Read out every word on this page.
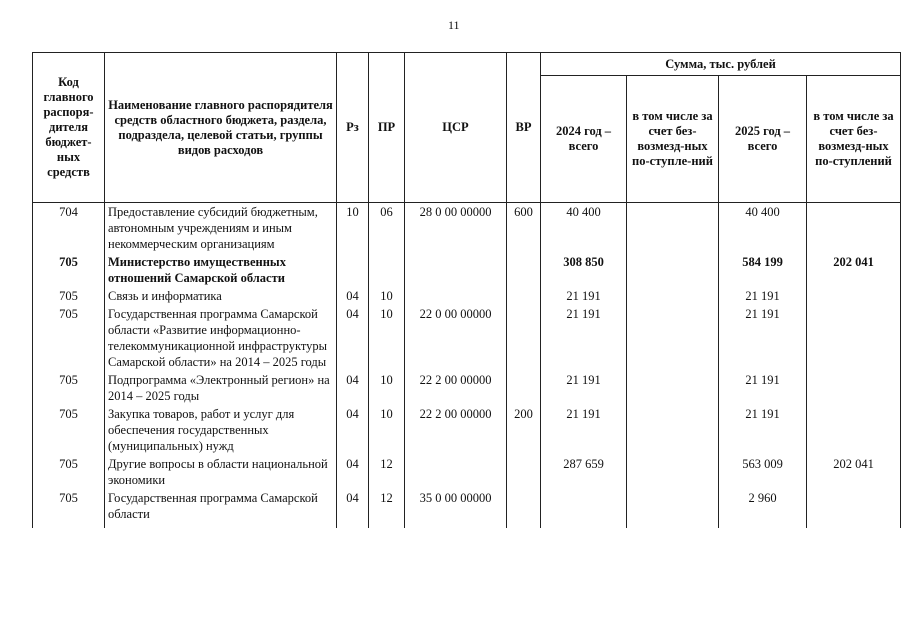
11
Код главного распоря-дителя бюджет-ных средств	Наименование главного распорядителя средств областного бюджета, раздела, подраздела, целевой статьи, группы видов расходов	Рз	ПР	ЦСР	ВР	Сумма, тыс. рублей			
						2024 год – всего	в том числе за счет без-возмезд-ных по-ступле-ний	2025 год – всего	в том числе за счет без-возмезд-ных по-ступлений
704	Предоставление субсидий бюджетным, автономным учреждениям и иным некоммерческим организациям	10	06	28 0 00 00000	600	40 400		40 400	
705	Министерство имущественных отношений Самарской области					308 850		584 199	202 041
705	Связь и информатика	04	10			21 191		21 191	
705	Государственная программа Самарской области «Развитие информационно-телекоммуникационной инфраструктуры Самарской области» на 2014 – 2025 годы	04	10	22 0 00 00000		21 191		21 191	
705	Подпрограмма «Электронный регион» на 2014 – 2025 годы	04	10	22 2 00 00000		21 191		21 191	
705	Закупка товаров, работ и услуг для обеспечения государственных (муниципальных) нужд	04	10	22 2 00 00000	200	21 191		21 191	
705	Другие вопросы в области национальной экономики	04	12			287 659		563 009	202 041
705	Государственная программа Самарской области	04	12	35 0 00 00000				2 960	
